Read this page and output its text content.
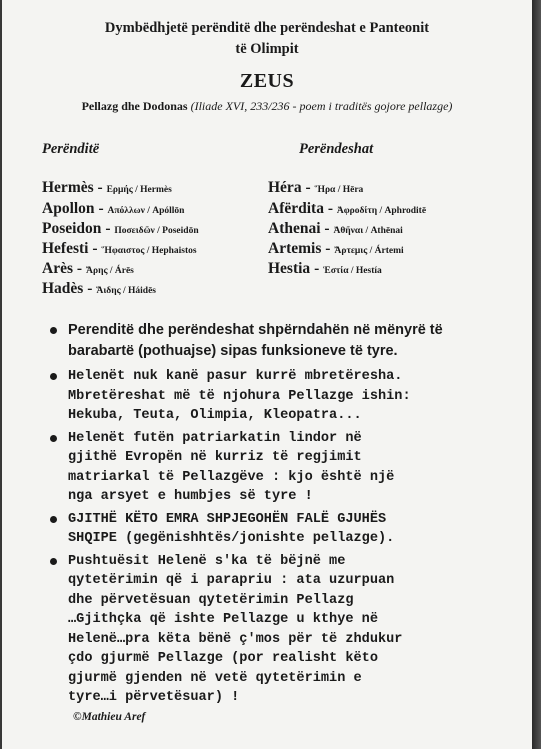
Dymbëdhjetë perënditë dhe perëndeshat e Panteonit
të Olimpit
ZEUS
Pellazg dhe Dodonas (Iliade XVI, 233/236 - poem i traditës gojore pellazge)
Perënditë	Perëndeshat
Hermès - Ερμής / Hermès
Apollon - Απόλλων / Apóllōn
Poseidon - Ποσειδῶν / Poseidōn
Hefesti - Ἥφαιστος / Hephaistos
Arès - Ἄρης / Árēs
Hadès - Ἅιδης / Háidēs
Héra - Ἥρα / Hēra
Afërdita - Ἀφροδίτη / Aphroditē
Athenai - Ἀθῆναι / Athēnai
Artemis - Ἄρτεμις / Ártemi
Hestia - Ἑστία / Hestía
Perenditë dhe perëndeshat shpërndahën në mënyrë të
barabartë (pothuajse) sipas funksioneve të tyre.
Helenët nuk kanë pasur kurrë mbretëresha.
Mbretëreshat më të njohura Pellazge ishin:
Hekuba, Teuta, Olimpia, Kleopatra...
Helenët futën patriarkatin lindor në
gjithë Evropën në kurriz të regjimit
matriarkal të Pellazgëve : kjo është një
nga arsyet e humbjes së tyre !
GJITHË KËTO EMRA SHPJEGOHËN FALË GJUHËS
SHQIPE (gegënishhtës/jonishte pellazge).
Pushtuësit Helenë s'ka të bëjnë me
qytetërimin që i parapriu : ata uzurpuan
dhe përvetësuan qytetërimin Pellazg
…Gjithçka që ishte Pellazge u kthye në
Helenë…pra këta bënë ç'mos për të zhdukur
çdo gjurmë Pellazge (por realisht këto
gjurmë gjenden në vetë qytetërimin e
tyre…i përvetësuar) !
©Mathieu Aref
